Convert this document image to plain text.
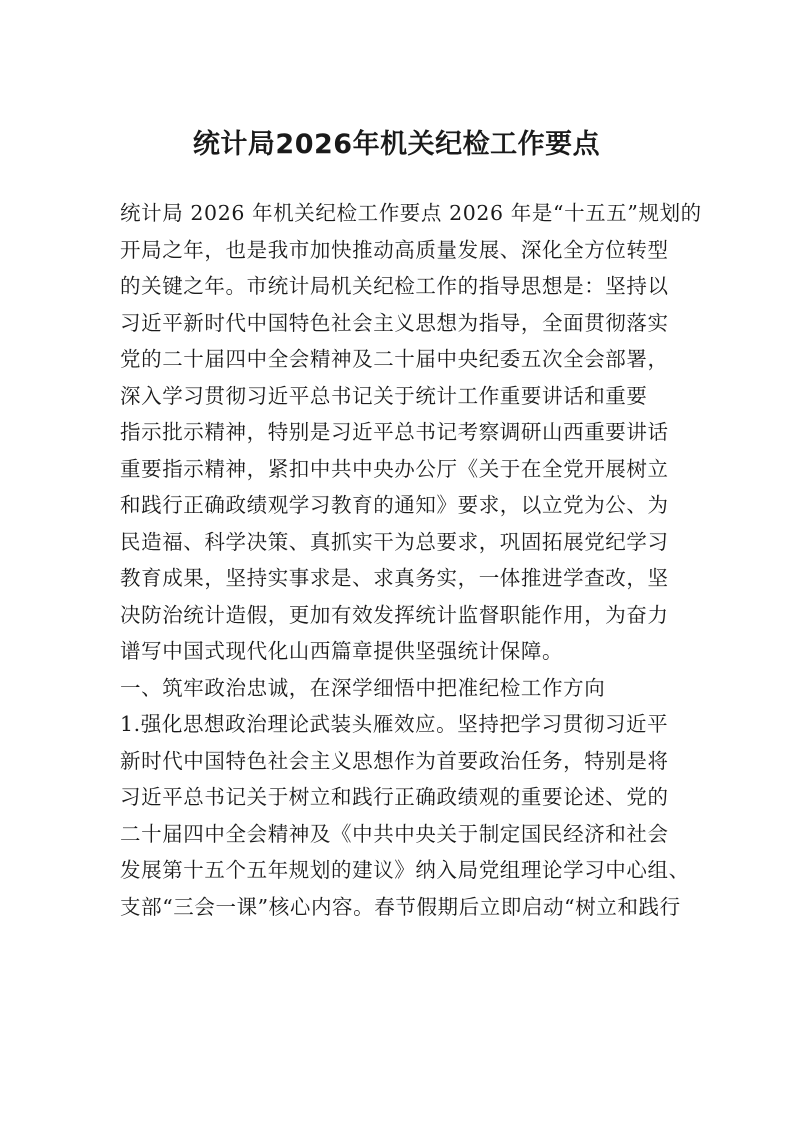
统计局2026年机关纪检工作要点
统计局 2026 年机关纪检工作要点 2026 年是“十五五”规划的
开局之年，也是我市加快推动高质量发展、深化全方位转型
的关键之年。市统计局机关纪检工作的指导思想是：坚持以
习近平新时代中国特色社会主义思想为指导，全面贯彻落实
党的二十届四中全会精神及二十届中央纪委五次全会部署，
深入学习贯彻习近平总书记关于统计工作重要讲话和重要
指示批示精神，特别是习近平总书记考察调研山西重要讲话
重要指示精神，紧扣中共中央办公厅《关于在全党开展树立
和践行正确政绩观学习教育的通知》要求，以立党为公、为
民造福、科学决策、真抓实干为总要求，巩固拓展党纪学习
教育成果，坚持实事求是、求真务实，一体推进学查改，坚
决防治统计造假，更加有效发挥统计监督职能作用，为奋力
谱写中国式现代化山西篇章提供坚强统计保障。
一、筑牢政治忠诚，在深学细悟中把准纪检工作方向
1.强化思想政治理论武装头雁效应。坚持把学习贯彻习近平
新时代中国特色社会主义思想作为首要政治任务，特别是将
习近平总书记关于树立和践行正确政绩观的重要论述、党的
二十届四中全会精神及《中共中央关于制定国民经济和社会
发展第十五个五年规划的建议》纳入局党组理论学习中心组、
支部“三会一课”核心内容。春节假期后立即启动“树立和践行
